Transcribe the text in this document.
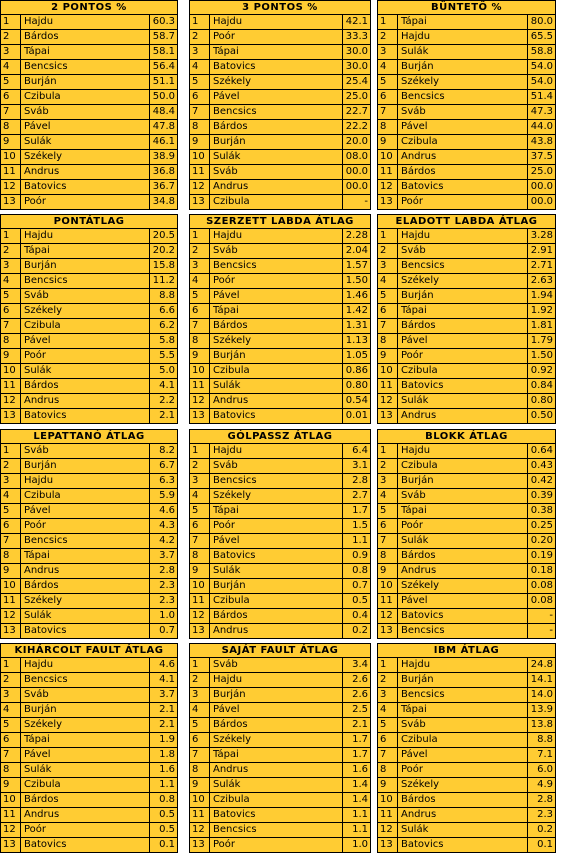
2 PONTOS %
1	Hajdu	60.3
2	Bárdos	58.7
3	Tápai	58.1
4	Bencsics	56.4
5	Burján	51.1
6	Czibula	50.0
7	Sváb	48.4
8	Pável	47.8
9	Sulák	46.1
10 Székely	38.9
11 Andrus	36.8
12 Batovics	36.7
13 Poór	34.8
3 PONTOS %
1	Hajdu	42.1
2	Poór	33.3
3	Tápai	30.0
4	Batovics	30.0
5	Székely	25.4
6	Pável	25.0
7	Bencsics	22.7
8	Bárdos	22.2
9	Burján	20.0
10 Sulák	08.0
11 Sváb	00.0
12 Andrus	00.0
13 Czibula	-
BÜNTETŐ %
1	Tápai	80.0
2	Hajdu	65.5
3	Sulák	58.8
4	Burján	54.0
5	Székely	54.0
6	Bencsics	51.4
7	Sváb	47.3
8	Pável	44.0
9	Czibula	43.8
10 Andrus	37.5
11 Bárdos	25.0
12 Batovics	00.0
13 Poór	00.0
PONTÁTLAG
1	Hajdu	20.5
2	Tápai	20.2
3	Burján	15.8
4	Bencsics	11.2
5	Sváb	8.8
6	Székely	6.6
7	Czibula	6.2
8	Pável	5.8
9	Poór	5.5
10 Sulák	5.0
11 Bárdos	4.1
12 Andrus	2.2
13 Batovics	2.1
SZERZETT LABDA ÁTLAG
1	Hajdu	2.28
2	Sváb	2.04
3	Bencsics	1.57
4	Poór	1.50
5	Pável	1.46
6	Tápai	1.42
7	Bárdos	1.31
8	Székely	1.13
9	Burján	1.05
10 Czibula	0.86
11 Sulák	0.80
12 Andrus	0.54
13 Batovics	0.01
ELADOTT LABDA ÁTLAG
1	Hajdu	3.28
2	Sváb	2.91
3	Bencsics	2.71
4	Székely	2.63
5	Burján	1.94
6	Tápai	1.92
7	Bárdos	1.81
8	Pável	1.79
9	Poór	1.50
10 Czibula	0.92
11 Batovics	0.84
12 Sulák	0.80
13 Andrus	0.50
LEPATTANÓ ÁTLAG
1	Sváb	8.2
2	Burján	6.7
3	Hajdu	6.3
4	Czibula	5.9
5	Pável	4.6
6	Poór	4.3
7	Bencsics	4.2
8	Tápai	3.7
9	Andrus	2.8
10 Bárdos	2.3
11 Székely	2.3
12 Sulák	1.0
13 Batovics	0.7
GÓLPASSZ ÁTLAG
1	Hajdu	6.4
2	Sváb	3.1
3	Bencsics	2.8
4	Székely	2.7
5	Tápai	1.7
6	Poór	1.5
7	Pável	1.1
8	Batovics	0.9
9	Sulák	0.8
10 Burján	0.7
11 Czibula	0.5
12 Bárdos	0.4
13 Andrus	0.2
BLOKK ÁTLAG
1	Hajdu	0.64
2	Czibula	0.43
3	Burján	0.42
4	Sváb	0.39
5	Tápai	0.38
6	Poór	0.25
7	Sulák	0.20
8	Bárdos	0.19
9	Andrus	0.18
10 Székely	0.08
11 Pável	0.08
12 Batovics	-
13 Bencsics	-
KIHÁRCOLT FAULT ÁTLAG
1	Hajdu	4.6
2	Bencsics	4.1
3	Sváb	3.7
4	Burján	2.1
5	Székely	2.1
6	Tápai	1.9
7	Pável	1.8
8	Sulák	1.6
9	Czibula	1.1
10 Bárdos	0.8
11 Andrus	0.5
12 Poór	0.5
13 Batovics	0.1
SAJÁT FAULT ÁTLAG
1	Sváb	3.4
2	Hajdu	2.6
3	Burján	2.6
4	Pável	2.5
5	Bárdos	2.1
6	Székely	1.7
7	Tápai	1.7
8	Andrus	1.6
9	Sulák	1.4
10 Czibula	1.4
11 Batovics	1.1
12 Bencsics	1.1
13 Poór	1.0
IBM ÁTLAG
1	Hajdu	24.8
2	Burján	14.1
3	Bencsics	14.0
4	Tápai	13.9
5	Sváb	13.8
6	Czibula	8.8
7	Pável	7.1
8	Poór	6.0
9	Székely	4.9
10 Bárdos	2.8
11 Andrus	2.3
12 Sulák	0.2
13 Batovics	0.1
